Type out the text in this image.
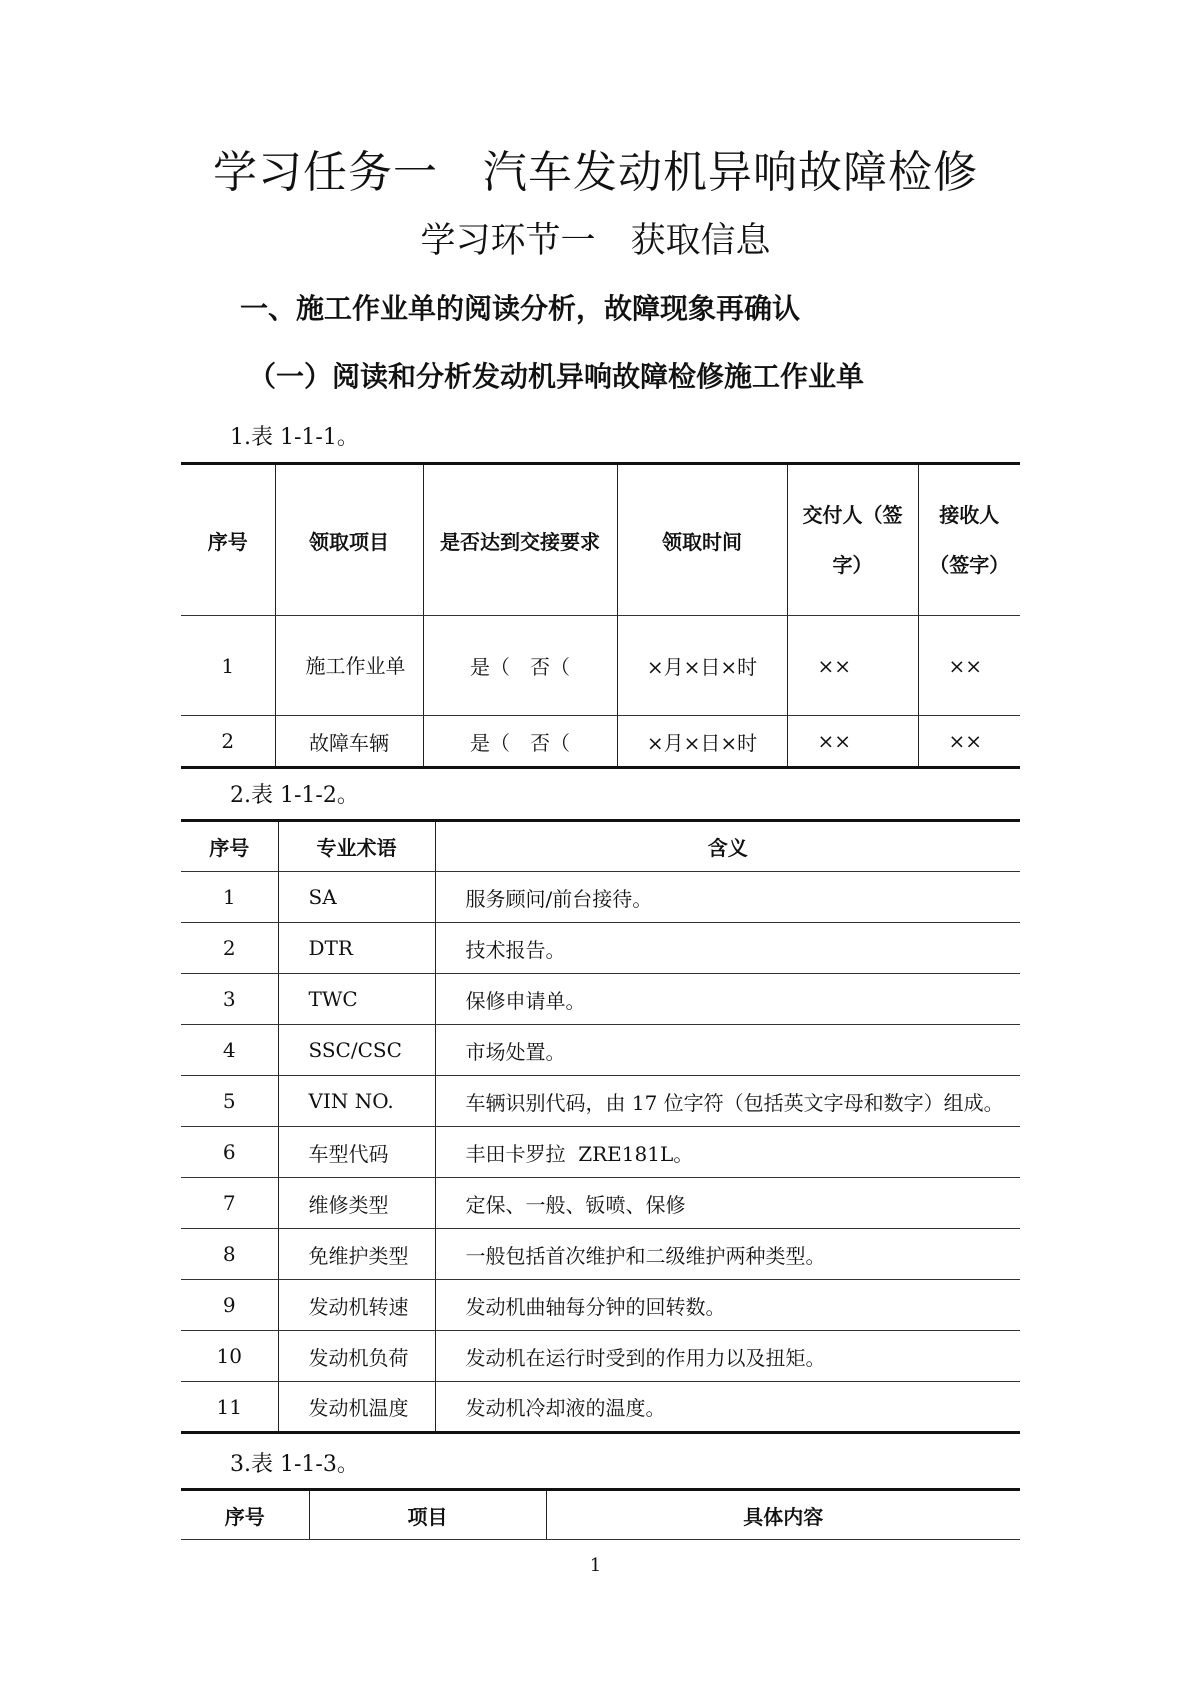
学习任务一　汽车发动机异响故障检修
学习环节一　获取信息
一、施工作业单的阅读分析，故障现象再确认
（一）阅读和分析发动机异响故障检修施工作业单
1.表 1-1-1。
序号	领取项目	是否达到交接要求	领取时间	交付人（签字）	接收人（签字）
1	施工作业单	是（　否（	×月×日×时	××	××
2	故障车辆	是（　否（	×月×日×时	××	××
2.表 1-1-2。
序号	专业术语	含义
1	SA	服务顾问/前台接待。
2	DTR	技术报告。
3	TWC	保修申请单。
4	SSC/CSC	市场处置。
5	VIN NO.	车辆识别代码，由 17 位字符（包括英文字母和数字）组成。
6	车型代码	丰田卡罗拉  ZRE181L。
7	维修类型	定保、一般、钣喷、保修
8	免维护类型	一般包括首次维护和二级维护两种类型。
9	发动机转速	发动机曲轴每分钟的回转数。
10	发动机负荷	发动机在运行时受到的作用力以及扭矩。
11	发动机温度	发动机冷却液的温度。
3.表 1-1-3。
序号	项目	具体内容
1
